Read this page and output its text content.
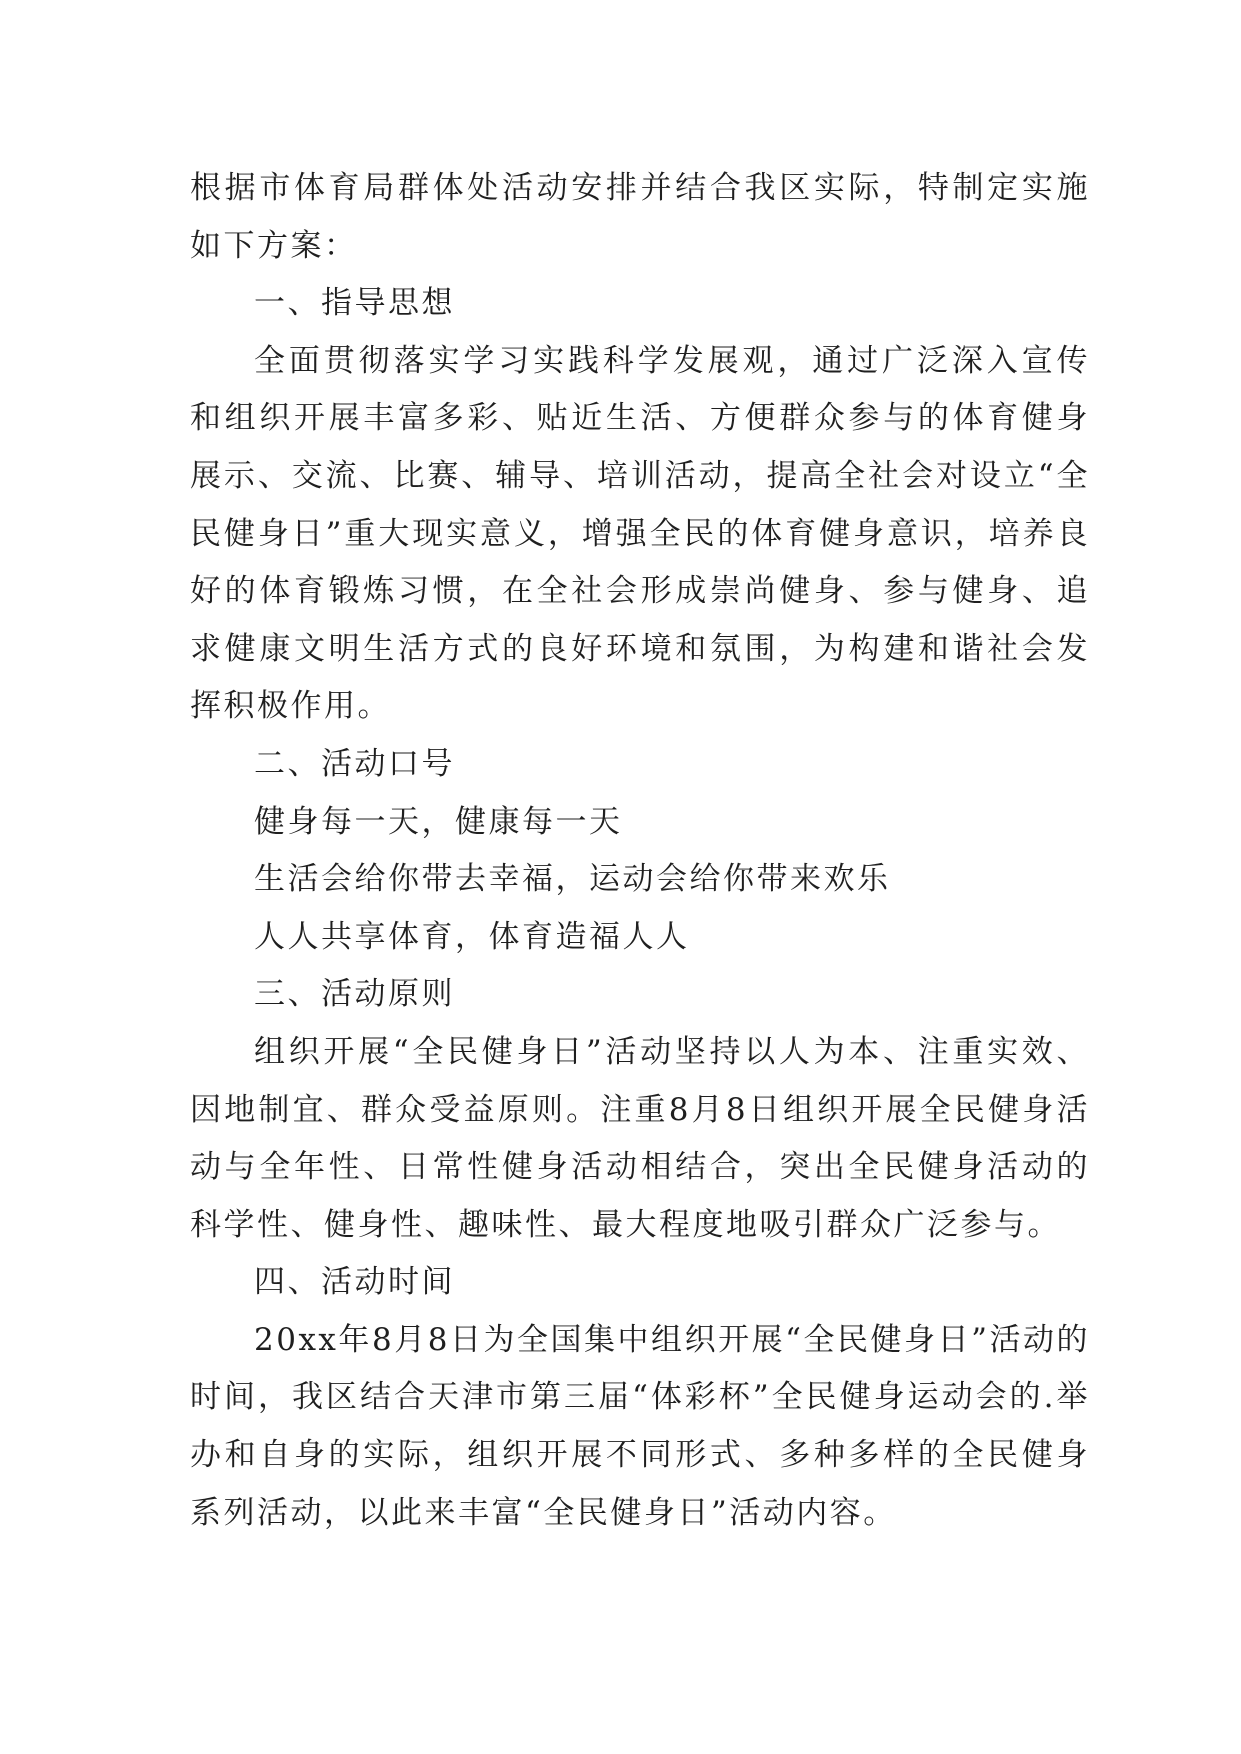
根据市体育局群体处活动安排并结合我区实际，特制定实施如下方案：

一、指导思想

全面贯彻落实学习实践科学发展观，通过广泛深入宣传和组织开展丰富多彩、贴近生活、方便群众参与的体育健身展示、交流、比赛、辅导、培训活动，提高全社会对设立“全民健身日”重大现实意义，增强全民的体育健身意识，培养良好的体育锻炼习惯，在全社会形成崇尚健身、参与健身、追求健康文明生活方式的良好环境和氛围，为构建和谐社会发挥积极作用。

二、活动口号

健身每一天，健康每一天

生活会给你带去幸福，运动会给你带来欢乐

人人共享体育，体育造福人人

三、活动原则

组织开展“全民健身日”活动坚持以人为本、注重实效、因地制宜、群众受益原则。注重8月8日组织开展全民健身活动与全年性、日常性健身活动相结合，突出全民健身活动的科学性、健身性、趣味性、最大程度地吸引群众广泛参与。

四、活动时间

20xx年8月8日为全国集中组织开展“全民健身日”活动的时间，我区结合天津市第三届“体彩杯”全民健身运动会的.举办和自身的实际，组织开展不同形式、多种多样的全民健身系列活动，以此来丰富“全民健身日”活动内容。
